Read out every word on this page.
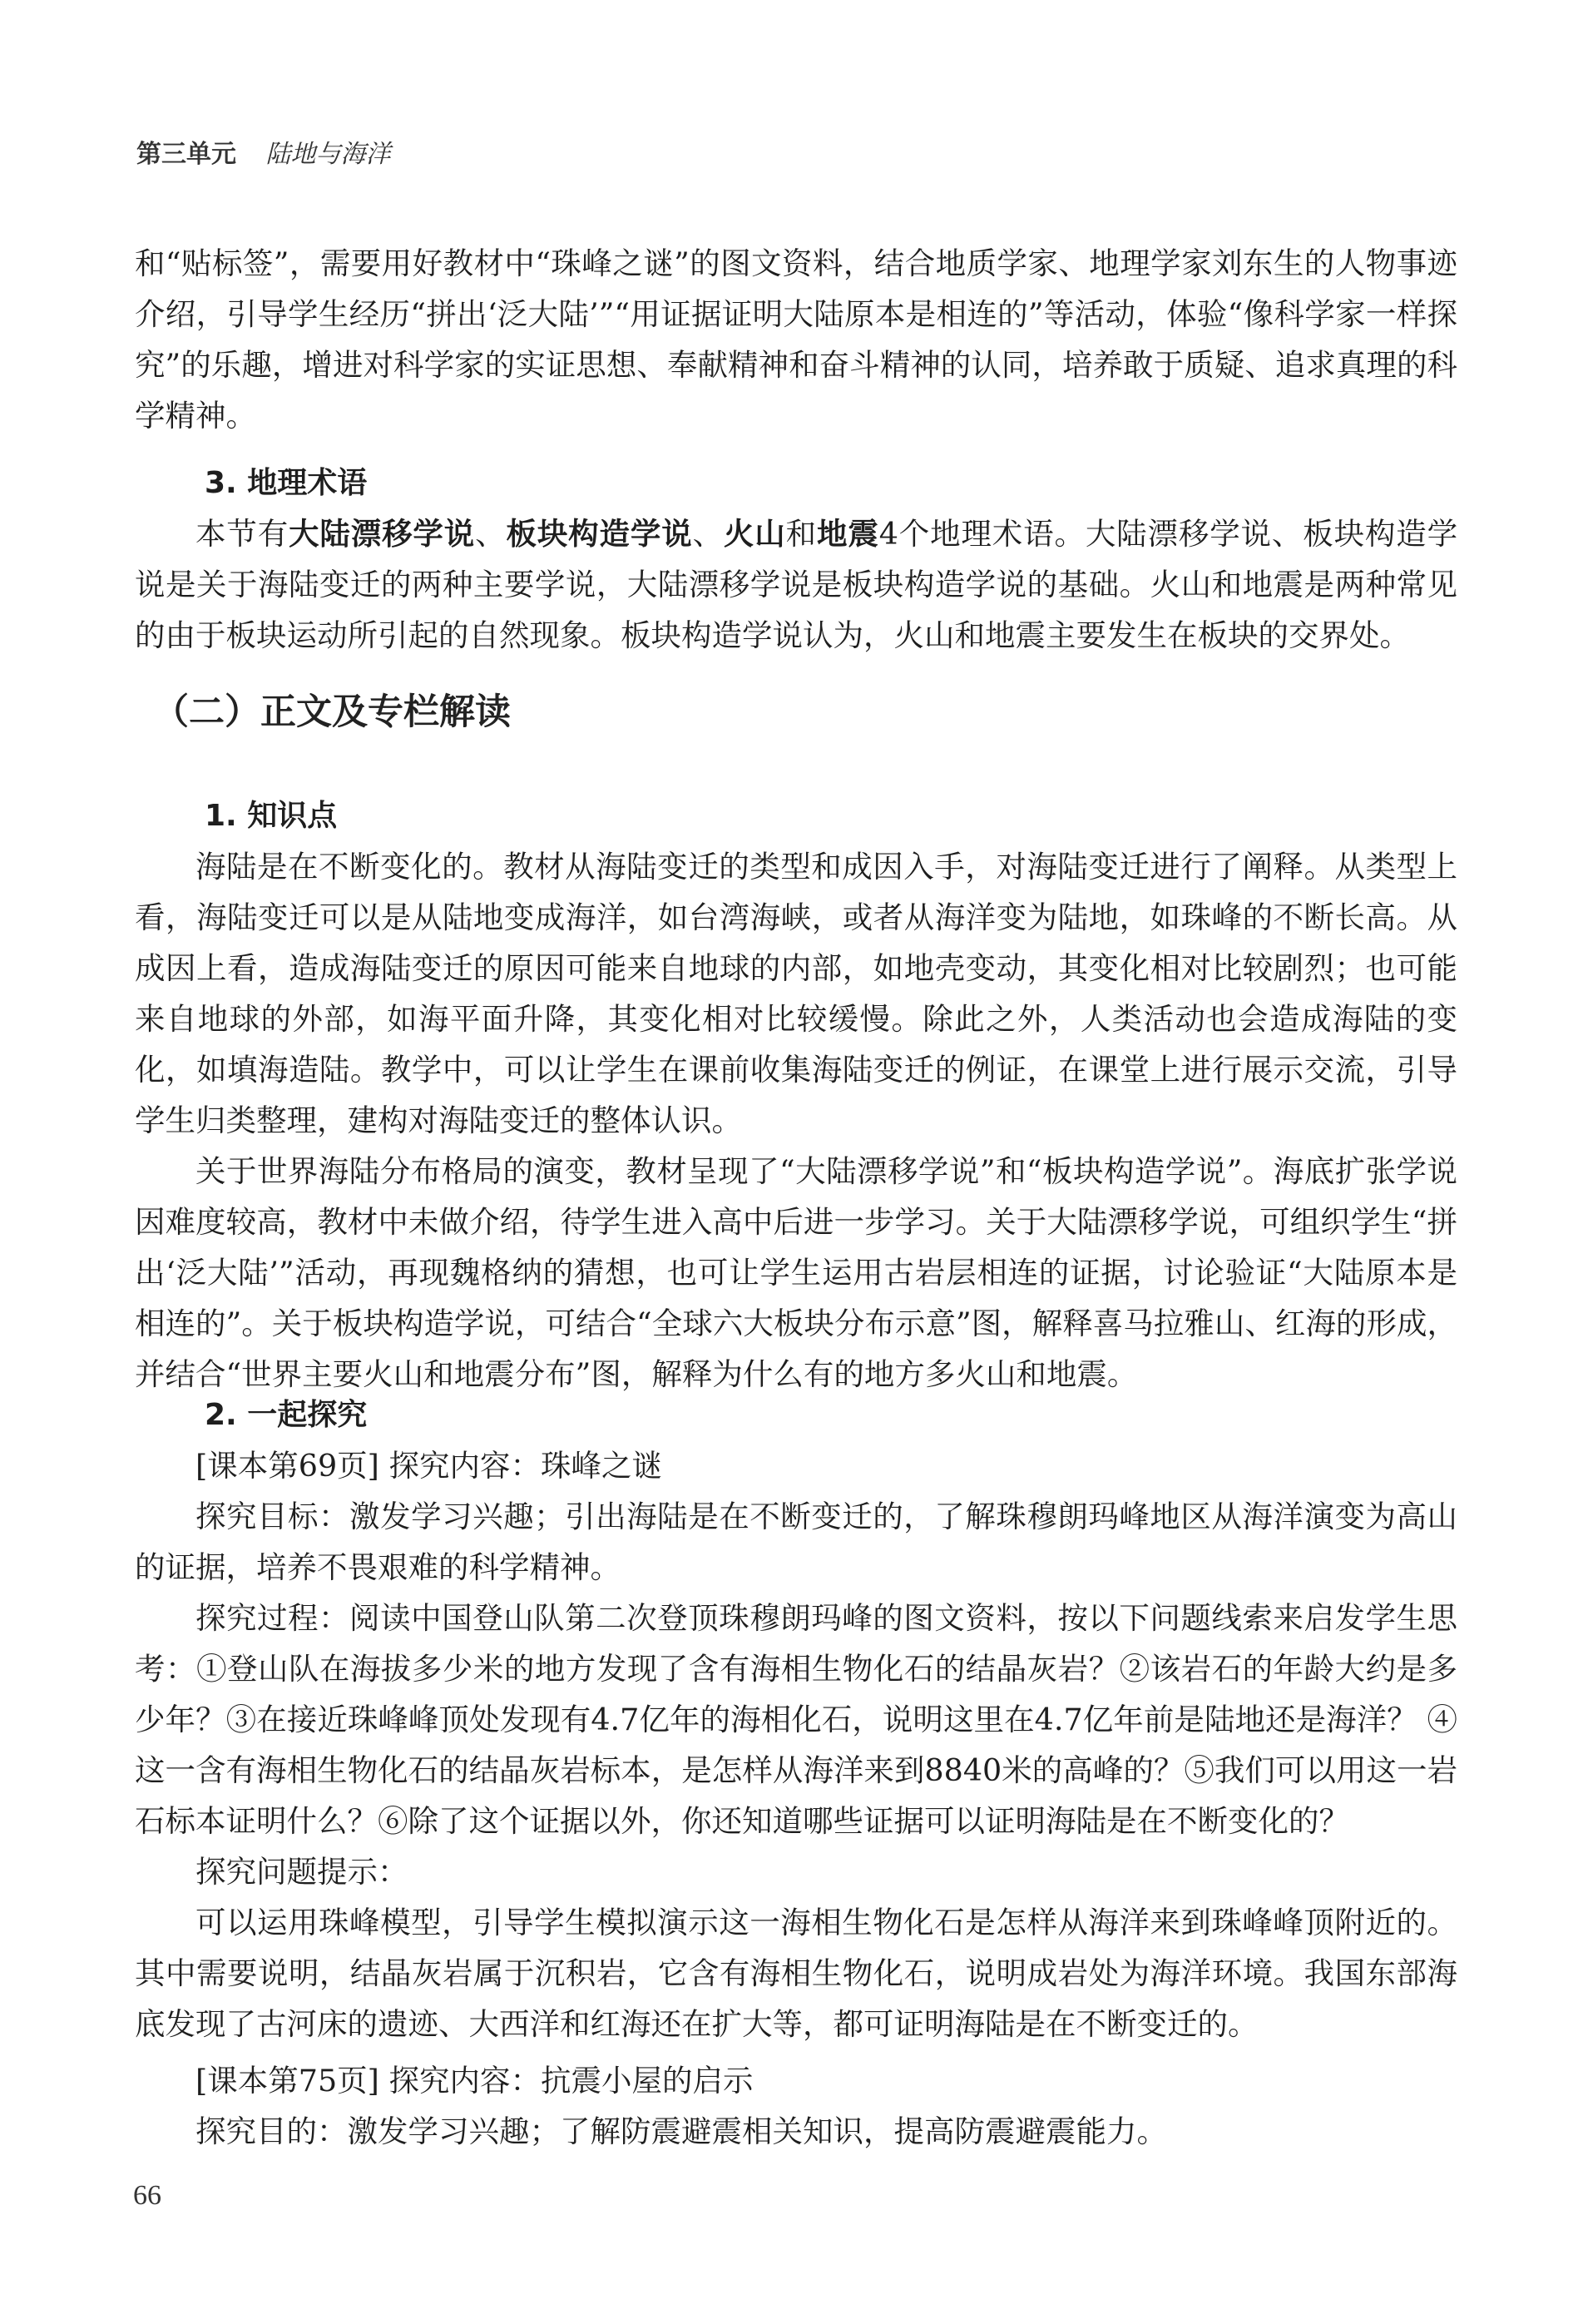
第三单元 陆地与海洋

和“贴标签”，需要用好教材中“珠峰之谜”的图文资料，结合地质学家、地理学家刘东生的人物事迹介绍，引导学生经历“拼出‘泛大陆’”“用证据证明大陆原本是相连的”等活动，体验“像科学家一样探究”的乐趣，增进对科学家的实证思想、奉献精神和奋斗精神的认同，培养敢于质疑、追求真理的科学精神。

3. 地理术语

本节有大陆漂移学说、板块构造学说、火山和地震4个地理术语。大陆漂移学说、板块构造学说是关于海陆变迁的两种主要学说，大陆漂移学说是板块构造学说的基础。火山和地震是两种常见的由于板块运动所引起的自然现象。板块构造学说认为，火山和地震主要发生在板块的交界处。

（二）正文及专栏解读
1. 知识点

海陆是在不断变化的。教材从海陆变迁的类型和成因入手，对海陆变迁进行了阐释。从类型上看，海陆变迁可以是从陆地变成海洋，如台湾海峡，或者从海洋变为陆地，如珠峰的不断长高。从成因上看，造成海陆变迁的原因可能来自地球的内部，如地壳变动，其变化相对比较剧烈；也可能来自地球的外部，如海平面升降，其变化相对比较缓慢。除此之外，人类活动也会造成海陆的变化，如填海造陆。教学中，可以让学生在课前收集海陆变迁的例证，在课堂上进行展示交流，引导学生归类整理，建构对海陆变迁的整体认识。

关于世界海陆分布格局的演变，教材呈现了“大陆漂移学说”和“板块构造学说”。海底扩张学说因难度较高，教材中未做介绍，待学生进入高中后进一步学习。关于大陆漂移学说，可组织学生“拼出‘泛大陆’”活动，再现魏格纳的猜想，也可让学生运用古岩层相连的证据，讨论验证“大陆原本是相连的”。关于板块构造学说，可结合“全球六大板块分布示意”图，解释喜马拉雅山、红海的形成，并结合“世界主要火山和地震分布”图，解释为什么有的地方多火山和地震。

2. 一起探究

[课本第69页] 探究内容：珠峰之谜

探究目标：激发学习兴趣；引出海陆是在不断变迁的，了解珠穆朗玛峰地区从海洋演变为高山的证据，培养不畏艰难的科学精神。

探究过程：阅读中国登山队第二次登顶珠穆朗玛峰的图文资料，按以下问题线索来启发学生思考：①登山队在海拔多少米的地方发现了含有海相生物化石的结晶灰岩？②该岩石的年龄大约是多少年？③在接近珠峰峰顶处发现有4.7亿年的海相化石，说明这里在4.7亿年前是陆地还是海洋？ ④这一含有海相生物化石的结晶灰岩标本，是怎样从海洋来到8840米的高峰的？⑤我们可以用这一岩石标本证明什么？⑥除了这个证据以外，你还知道哪些证据可以证明海陆是在不断变化的？

探究问题提示：

可以运用珠峰模型，引导学生模拟演示这一海相生物化石是怎样从海洋来到珠峰峰顶附近的。其中需要说明，结晶灰岩属于沉积岩，它含有海相生物化石，说明成岩处为海洋环境。我国东部海底发现了古河床的遗迹、大西洋和红海还在扩大等，都可证明海陆是在不断变迁的。

[课本第75页] 探究内容：抗震小屋的启示

探究目的：激发学习兴趣；了解防震避震相关知识，提高防震避震能力。

66
